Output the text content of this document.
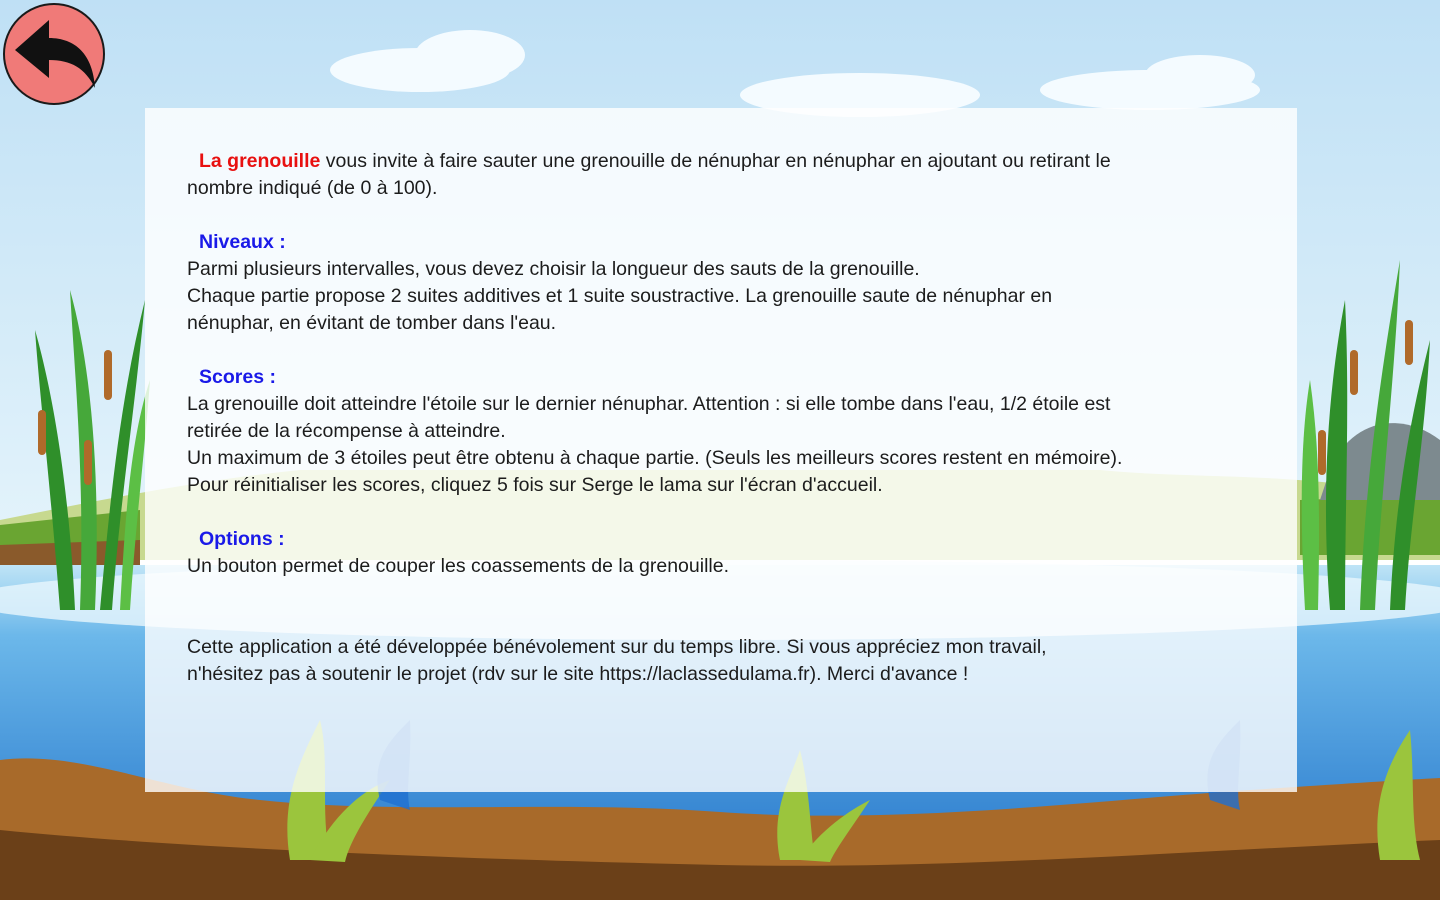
La grenouille vous invite à faire sauter une grenouille de nénuphar en nénuphar en ajoutant ou retirant le

nombre indiqué (de 0 à 100).

Niveaux :

Parmi plusieurs intervalles, vous devez choisir la longueur des sauts de la grenouille.

Chaque partie propose 2 suites additives et 1 suite soustractive. La grenouille saute de nénuphar en

nénuphar, en évitant de tomber dans l'eau.

Scores :

La grenouille doit atteindre l'étoile sur le dernier nénuphar. Attention : si elle tombe dans l'eau, 1/2 étoile est

retirée de la récompense à atteindre.

Un maximum de 3 étoiles peut être obtenu à chaque partie. (Seuls les meilleurs scores restent en mémoire).

Pour réinitialiser les scores, cliquez 5 fois sur Serge le lama sur l'écran d'accueil.

Options :

Un bouton permet de couper les coassements de la grenouille.

Cette application a été développée bénévolement sur du temps libre. Si vous appréciez mon travail,

n'hésitez pas à soutenir le projet (rdv sur le site https://laclassedulama.fr). Merci d'avance !
